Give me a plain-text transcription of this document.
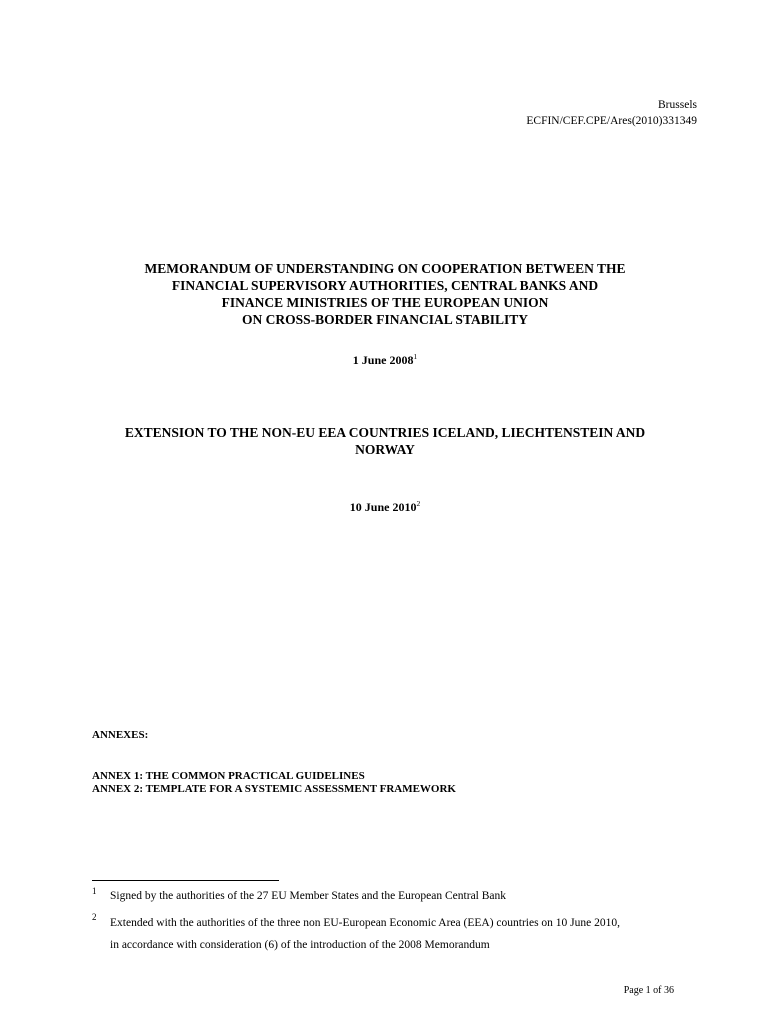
Brussels
ECFIN/CEF.CPE/Ares(2010)331349
MEMORANDUM OF UNDERSTANDING ON COOPERATION BETWEEN THE
FINANCIAL SUPERVISORY AUTHORITIES, CENTRAL BANKS AND
FINANCE MINISTRIES OF THE EUROPEAN UNION
ON CROSS-BORDER FINANCIAL STABILITY
1 June 2008$^1$
EXTENSION TO THE NON-EU EEA COUNTRIES ICELAND, LIECHTENSTEIN AND
NORWAY
10 June 2010$^2$
ANNEXES:
ANNEX 1: THE COMMON PRACTICAL GUIDELINES
ANNEX 2: TEMPLATE FOR A SYSTEMIC ASSESSMENT FRAMEWORK
1 Signed by the authorities of the 27 EU Member States and the European Central Bank
2 Extended with the authorities of the three non EU-European Economic Area (EEA) countries on 10 June 2010,
in accordance with consideration (6) of the introduction of the 2008 Memorandum
Page 1 of 36
